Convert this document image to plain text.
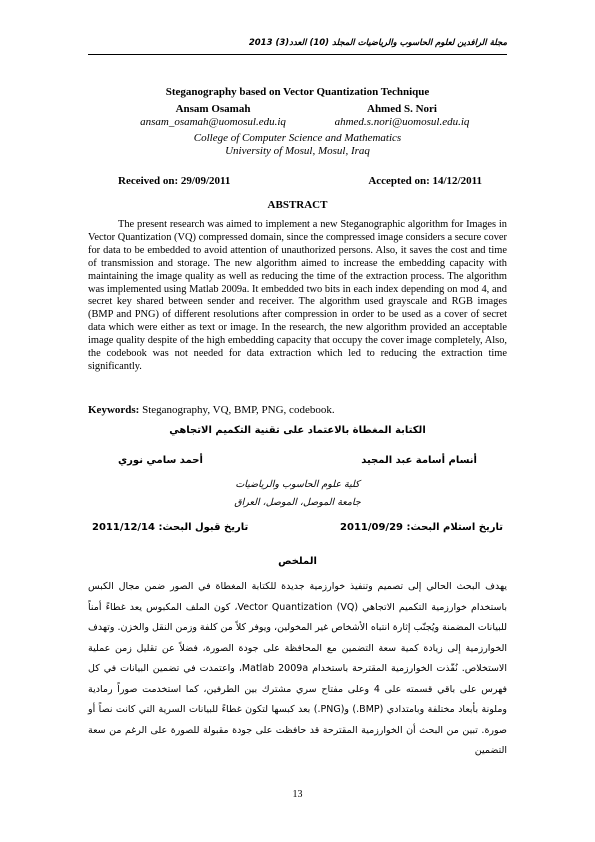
مجلة الرافدين لعلوم الحاسوب والرياضيات المجلد (10) العدد(3) 2013
Steganography based on Vector Quantization Technique
Ansam Osamah
ansam_osamah@uomosul.edu.iq
Ahmed S. Nori
ahmed.s.nori@uomosul.edu.iq
College of Computer Science and Mathematics
University of Mosul, Mosul, Iraq
Received on: 29/09/2011	Accepted on: 14/12/2011
ABSTRACT
The present research was aimed to implement a new Steganographic algorithm for Images in Vector Quantization (VQ) compressed domain, since the compressed image considers a secure cover for data to be embedded to avoid attention of unauthorized persons. Also, it saves the cost and time of transmission and storage. The new algorithm aimed to increase the embedding capacity with maintaining the image quality as well as reducing the time of the extraction process. The algorithm was implemented using Matlab 2009a. It embedded two bits in each index depending on mod 4, and secret key shared between sender and receiver. The algorithm used grayscale and RGB images (BMP and PNG) of different resolutions after compression in order to be used as a cover of secret data which were either as text or image. In the research, the new algorithm provided an acceptable image quality despite of the high embedding capacity that occupy the cover image completely, Also, the codebook was not needed for data extraction which led to reducing the extraction time significantly.
Keywords: Steganography, VQ, BMP, PNG, codebook.
الكتابة المغطاة بالاعتماد على تقنية التكميم الاتجاهي
أنسام أسامة عبد المجيد
أحمد سامي نوري
كلية علوم الحاسوب والرياضيات
جامعة الموصل، الموصل، العراق
تاريخ استلام البحث: 2011/09/29
تاريخ قبول البحث: 2011/12/14
الملخص
يهدف البحث الحالي إلى تصميم وتنفيذ خوارزمية جديدة للكتابة المغطاة في الصور ضمن مجال الكبس باستخدام خوارزمية التكميم الاتجاهي (Vector Quantization (VQ، كون الملف المكبوس يعد غطاءً أمناً للبيانات المضمنة ويُجنّب إثارة انتباه الأشخاص غير المخولين، ويوفر كلاً من كلفة وزمن النقل والخزن. وتهدف الخوارزمية إلى زيادة كمية سعة التضمين مع المحافظة على جودة الصورة، فضلاً عن تقليل زمن عملية الاستخلاص. نُفّذت الخوارزمية المقترحة باستخدام Matlab 2009a، واعتمدت في تضمين البيانات في كل فهرس على باقي قسمته على 4 وعلى مفتاح سري مشترك بين الطرفين، كما استخدمت صوراً رمادية وملونة بأبعاد مختلفة وبامتدادي (BMP.) و(PNG.) بعد كبسها لتكون غطاءً للبيانات السرية التي كانت نصاً أو صورة. تبين من البحث أن الخوارزمية المقترحة قد حافظت على جودة مقبولة للصورة على الرغم من سعة التضمين
13
